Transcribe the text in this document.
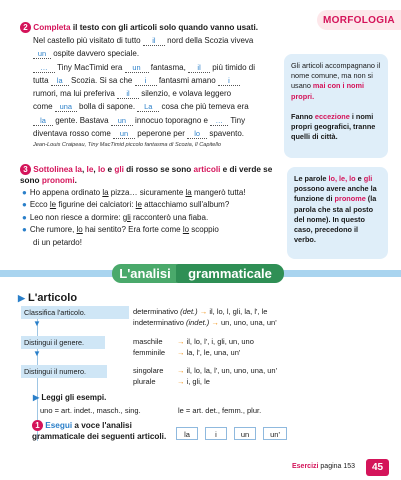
MORFOLOGIA
2 Completa il testo con gli articoli solo quando vanno usati.
Nel castello più visitato di tutto il nord della Scozia viveva
un ospite davvero speciale.
… Tiny MacTimid era un fantasma, il più timido di
tutta la Scozia. Si sa che i fantasmi amano i
rumori, ma lui preferiva il silenzio, e volava leggero
come una bolla di sapone. La cosa che più temeva era
la gente. Bastava un innocuo toporagno e … Tiny
diventava rosso come un peperone per lo spavento.
Jean-Louis Craipeau, Tiny MacTimid piccolo fantasma di Scozia, Il Capitello
Gli articoli accompagnano il nome comune, ma non si usano mai con i nomi propri.

Fanno eccezione i nomi propri geografici, tranne quelli di città.
3 Sottolinea la, le, lo e gli di rosso se sono articoli e di verde se sono pronomi.
● Ho appena ordinato la pizza… sicuramente la mangerò tutta!
● Ecco le figurine dei calciatori: le attacchiamo sull'album?
● Leo non riesce a dormire: gli racconterò una fiaba.
● Che rumore, lo hai sentito? Era forte come lo scoppio
di un petardo!
Le parole lo, le, lo e gli possono avere anche la funzione di pronome (la parola che sta al posto del nome). In questo caso, precedono il verbo.
L'analisi	grammaticale
▶ L'articolo
Classifica l'articolo.
▼
determinativo (det.) → il, lo, l, gli, la, l', le
indeterminativo (indet.) → un, uno, una, un'
Distingui il genere.
▼
maschile → il, lo, l', i, gli, un, uno
femminile → la, l', le, una, un'
Distingui il numero.	singolare → il, lo, la, l', un, uno, una, un'
plurale	→ i, gli, le
▶ Leggi gli esempi.
uno = art. indet., masch., sing.	le = art. det., femm., plur.
1 Esegui a voce l'analisi grammaticale dei seguenti articoli.	la	i	un	un'
Esercizi pagina 153	45
